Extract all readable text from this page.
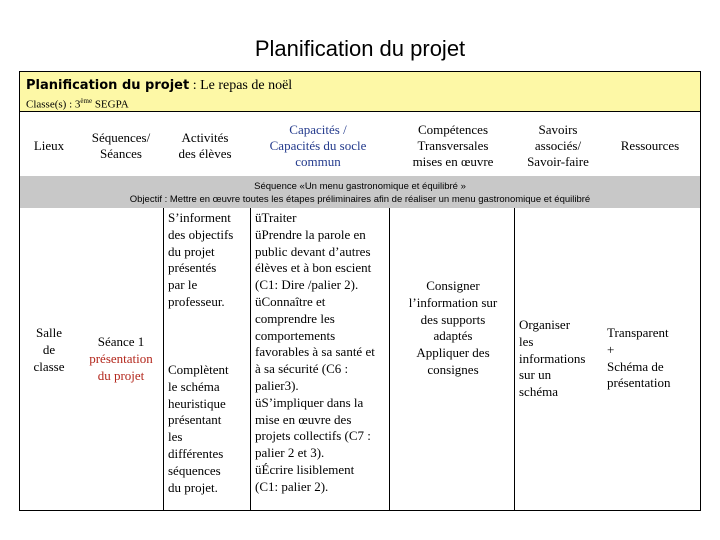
Planification du projet
Planification du projet : Le repas de noël
Classe(s) : 3ème SEGPA
Lieux
Séquences/
Séances
Activités
des élèves
Capacités /
Capacités du socle
commun
Compétences
Transversales
mises en œuvre
Savoirs
associés/
Savoir-faire
Ressources
Séquence «Un menu gastronomique et équilibré »
Objectif : Mettre en œuvre toutes les étapes préliminaires afin de réaliser un menu gastronomique et équilibré
Salle
de
classe
Séance 1
présentation
du projet
S’informent
des objectifs
du projet
présentés
par le
professeur.
Complètent
le schéma
heuristique
présentant
les
différentes
séquences
du projet.
üTraiter
üPrendre la parole en
public devant d’autres
élèves et à bon escient
(C1: Dire /palier 2).
üConnaître et
comprendre les
comportements
favorables à sa santé et
à sa sécurité (C6 :
palier3).
üS’impliquer dans la
mise en œuvre des
projets collectifs (C7 :
palier 2 et 3).
üÉcrire lisiblement
(C1: palier 2).
Consigner
l’information sur
des supports
adaptés
Appliquer des
consignes
Organiser
les
informations
sur un
schéma
Transparent
+
Schéma de
présentation
